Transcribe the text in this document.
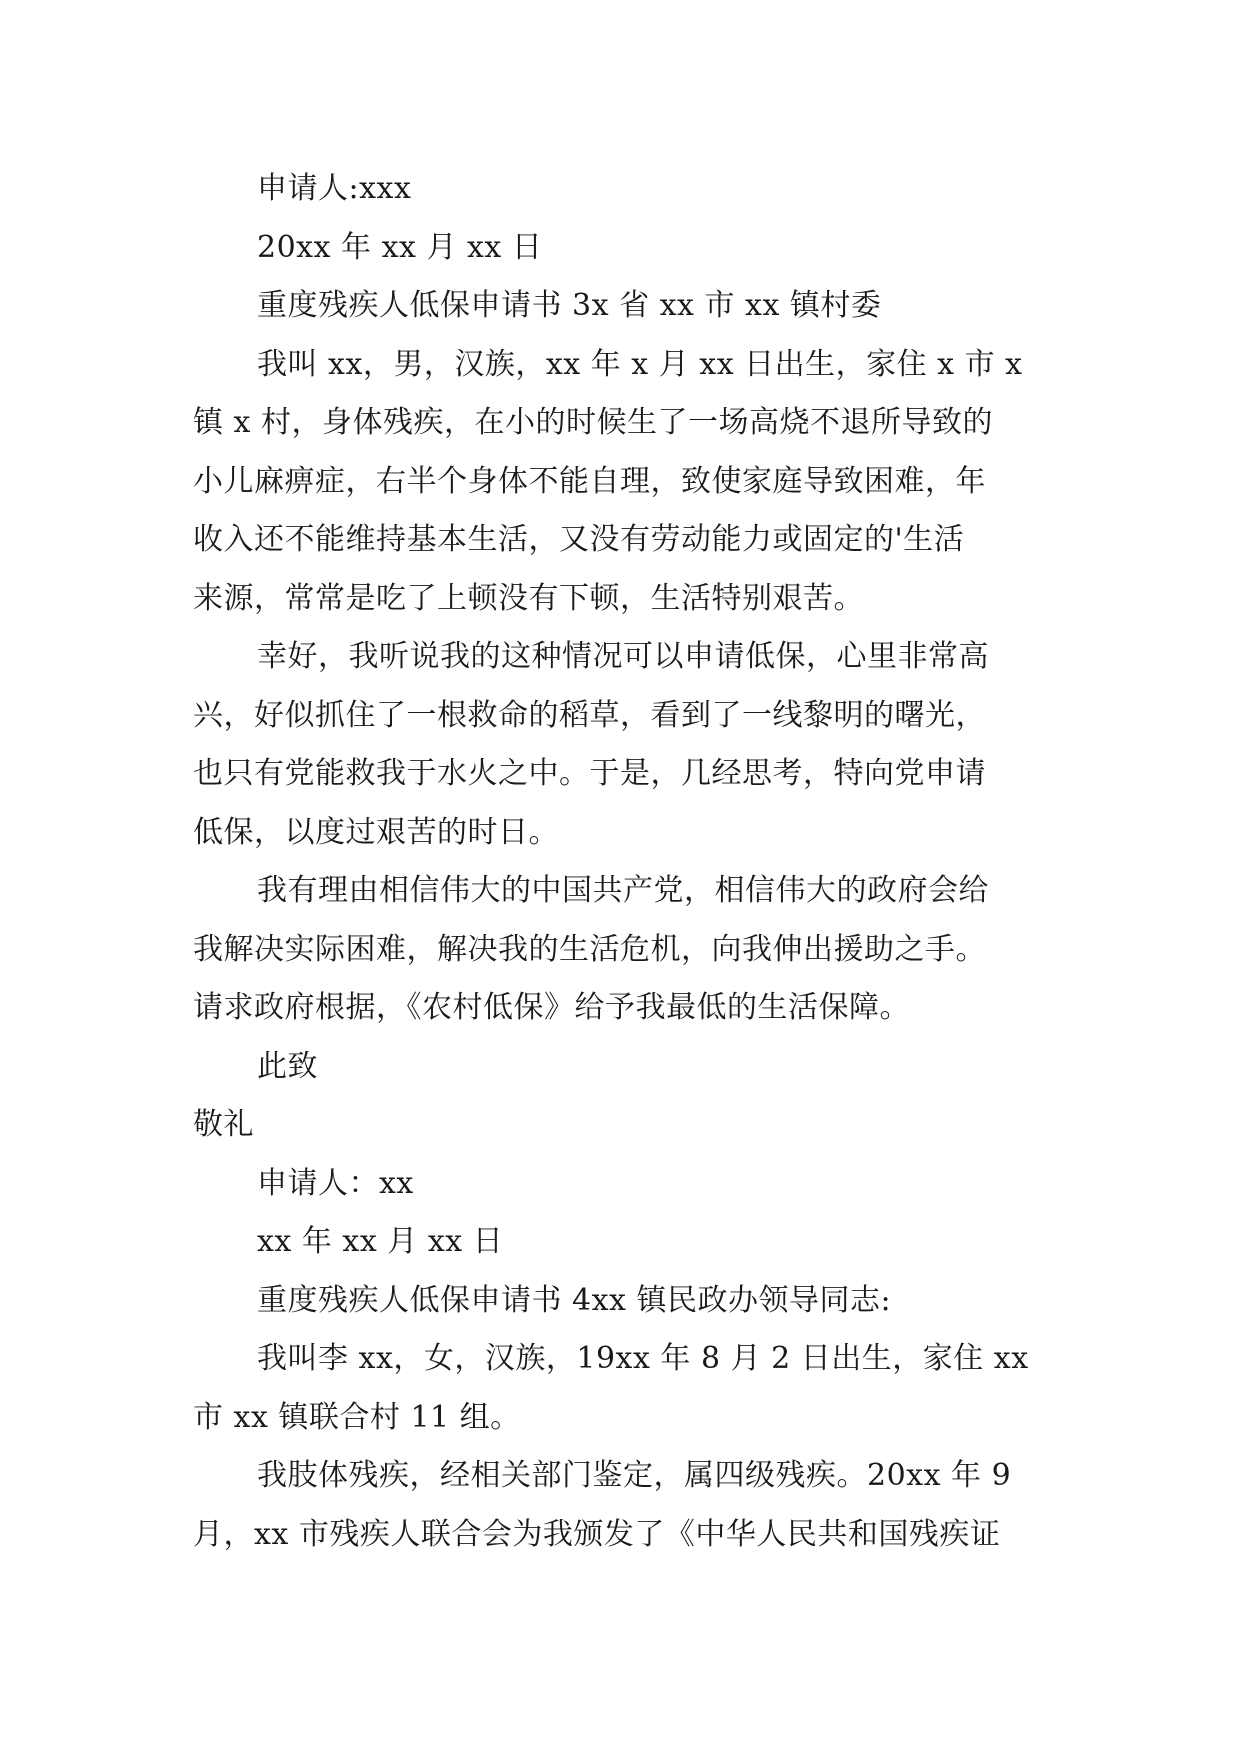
申请人:xxx
20xx 年 xx 月 xx 日
重度残疾人低保申请书 3x 省 xx 市 xx 镇村委
我叫 xx，男，汉族，xx 年 x 月 xx 日出生，家住 x 市 x
镇 x 村，身体残疾，在小的时候生了一场高烧不退所导致的
小儿麻痹症，右半个身体不能自理，致使家庭导致困难，年
收入还不能维持基本生活，又没有劳动能力或固定的'生活
来源，常常是吃了上顿没有下顿，生活特别艰苦。
幸好，我听说我的这种情况可以申请低保，心里非常高
兴，好似抓住了一根救命的稻草，看到了一线黎明的曙光，
也只有党能救我于水火之中。于是，几经思考，特向党申请
低保，以度过艰苦的时日。
我有理由相信伟大的中国共产党，相信伟大的政府会给
我解决实际困难，解决我的生活危机，向我伸出援助之手。
请求政府根据，《农村低保》给予我最低的生活保障。
此致
敬礼
申请人：xx
xx 年 xx 月 xx 日
重度残疾人低保申请书 4xx 镇民政办领导同志:
我叫李 xx，女，汉族，19xx 年 8 月 2 日出生，家住 xx
市 xx 镇联合村 11 组。
我肢体残疾，经相关部门鉴定，属四级残疾。20xx 年 9
月，xx 市残疾人联合会为我颁发了《中华人民共和国残疾证
